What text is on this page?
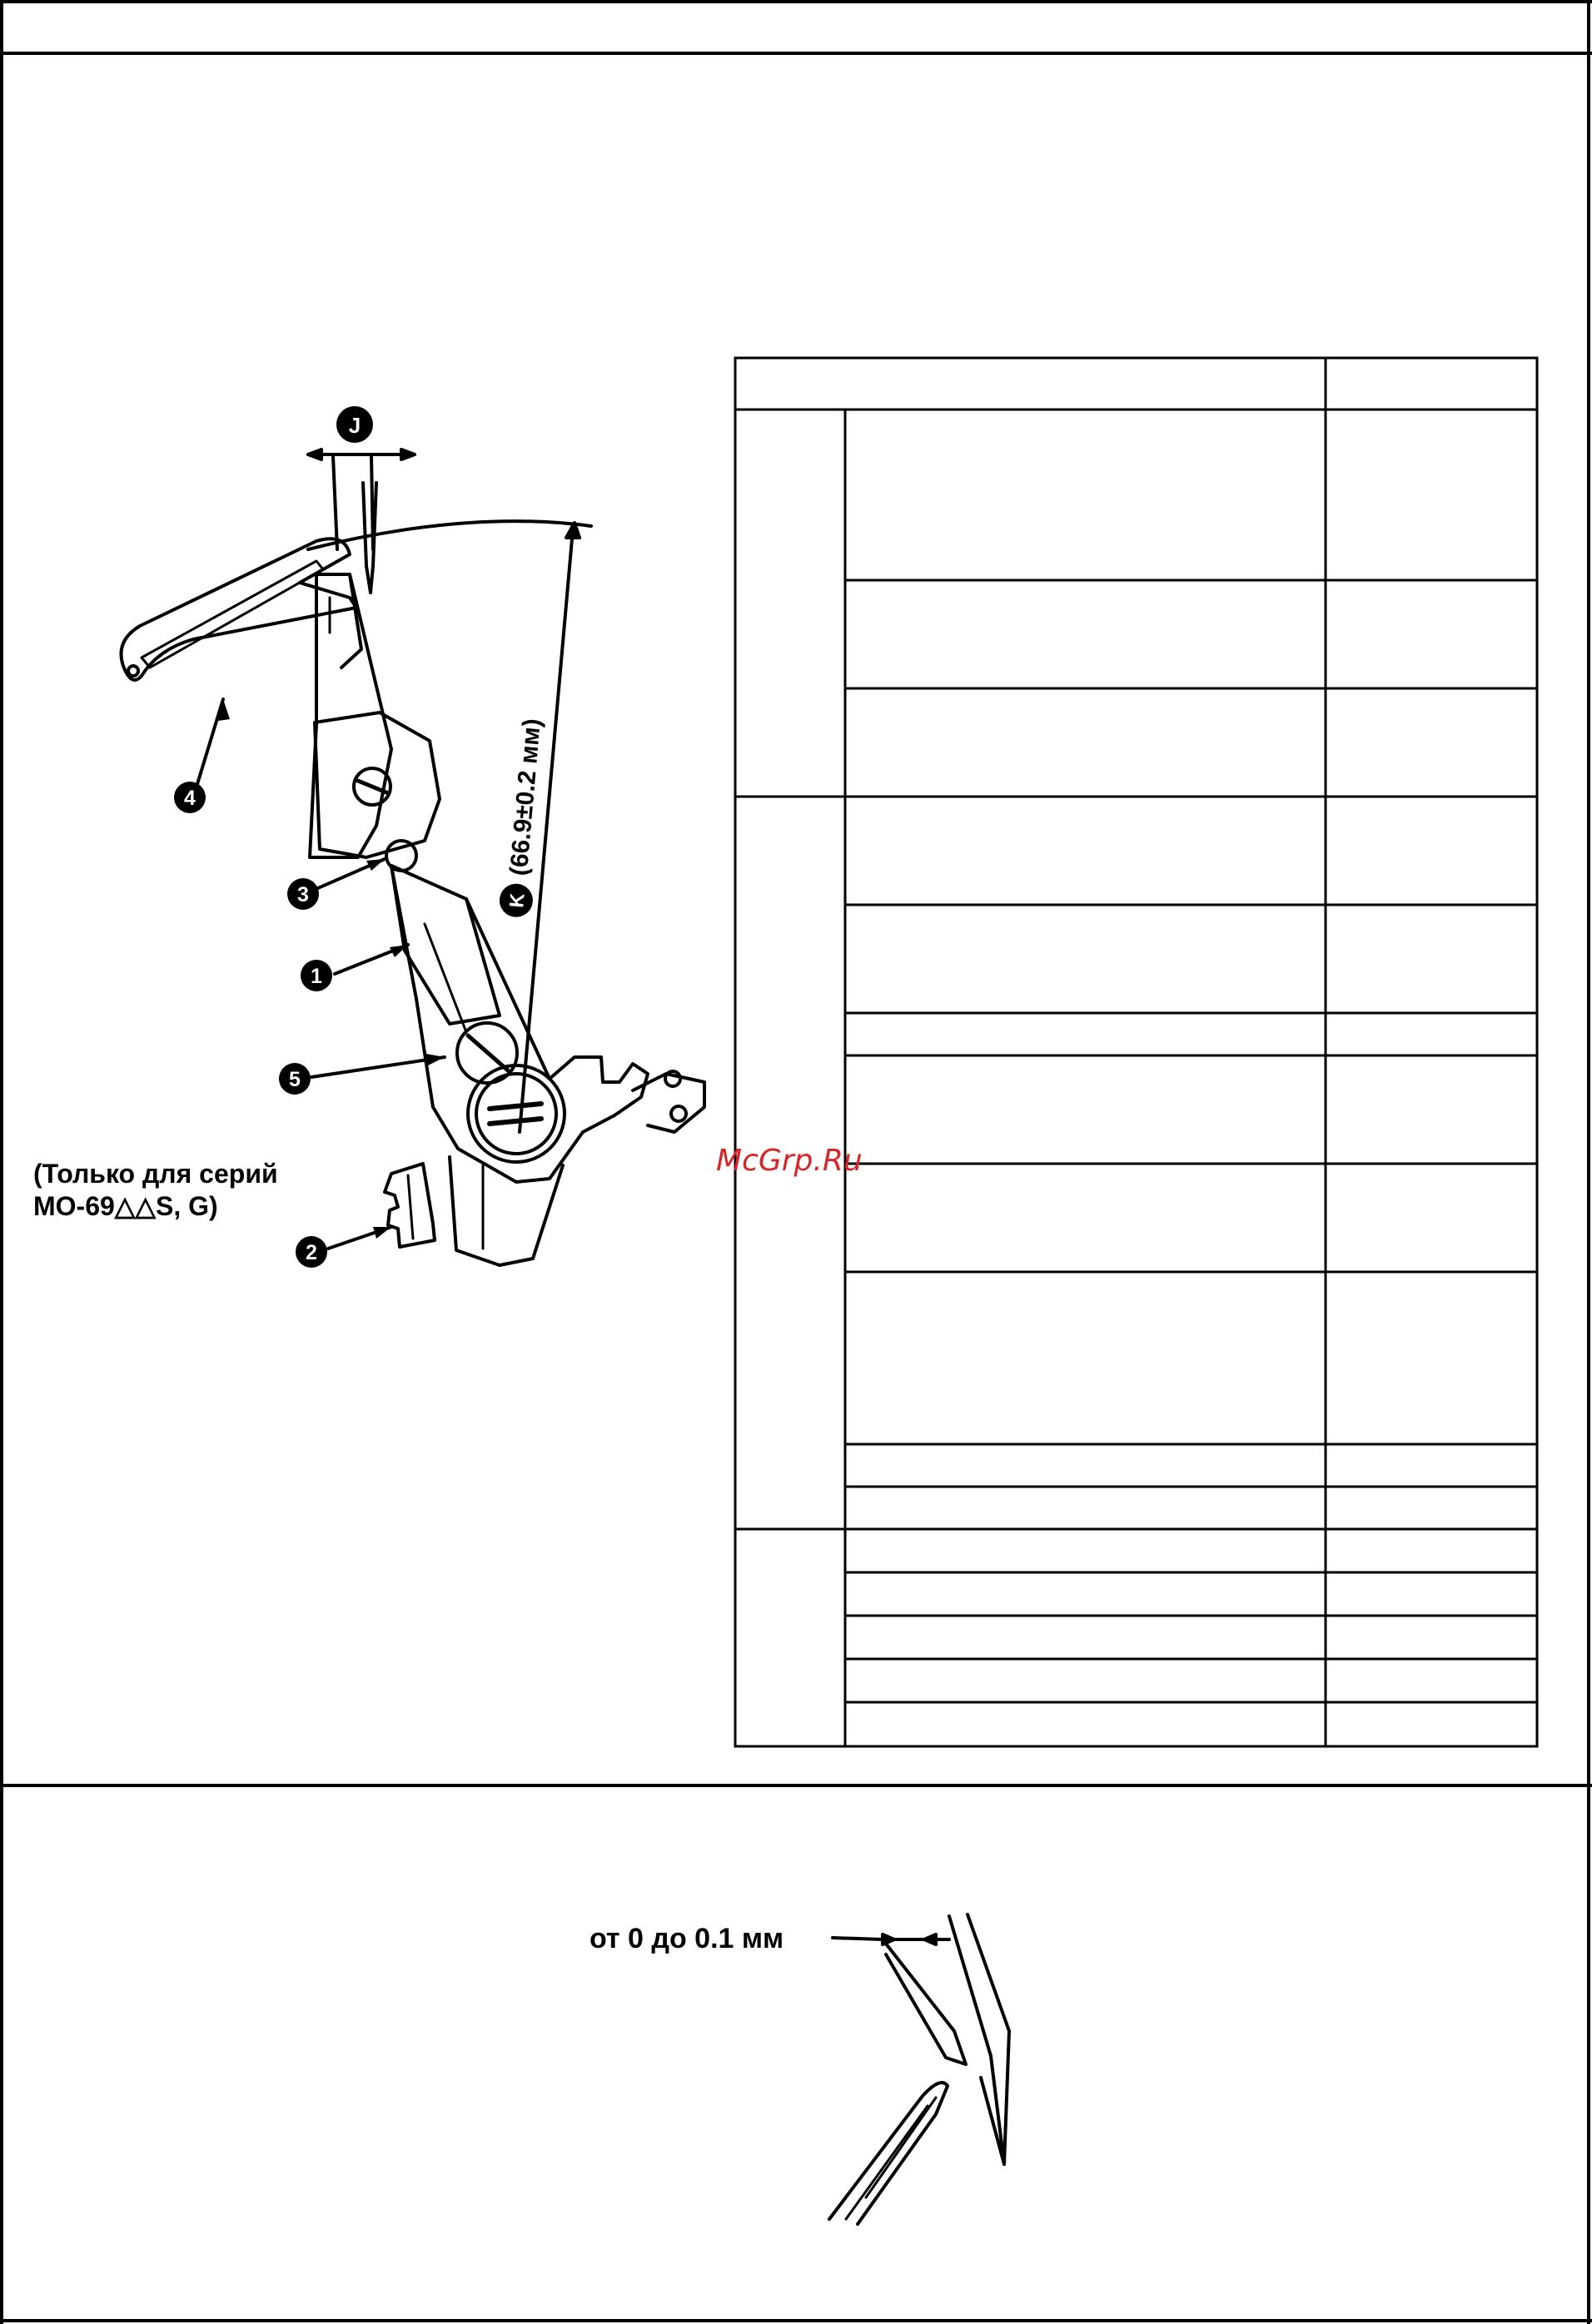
J
K
(66.9±0.2 мм)
4
3
1
5
2
(Только для серий
MO-69△△S, G)
McGrp.Ru
от 0 до 0.1 мм
